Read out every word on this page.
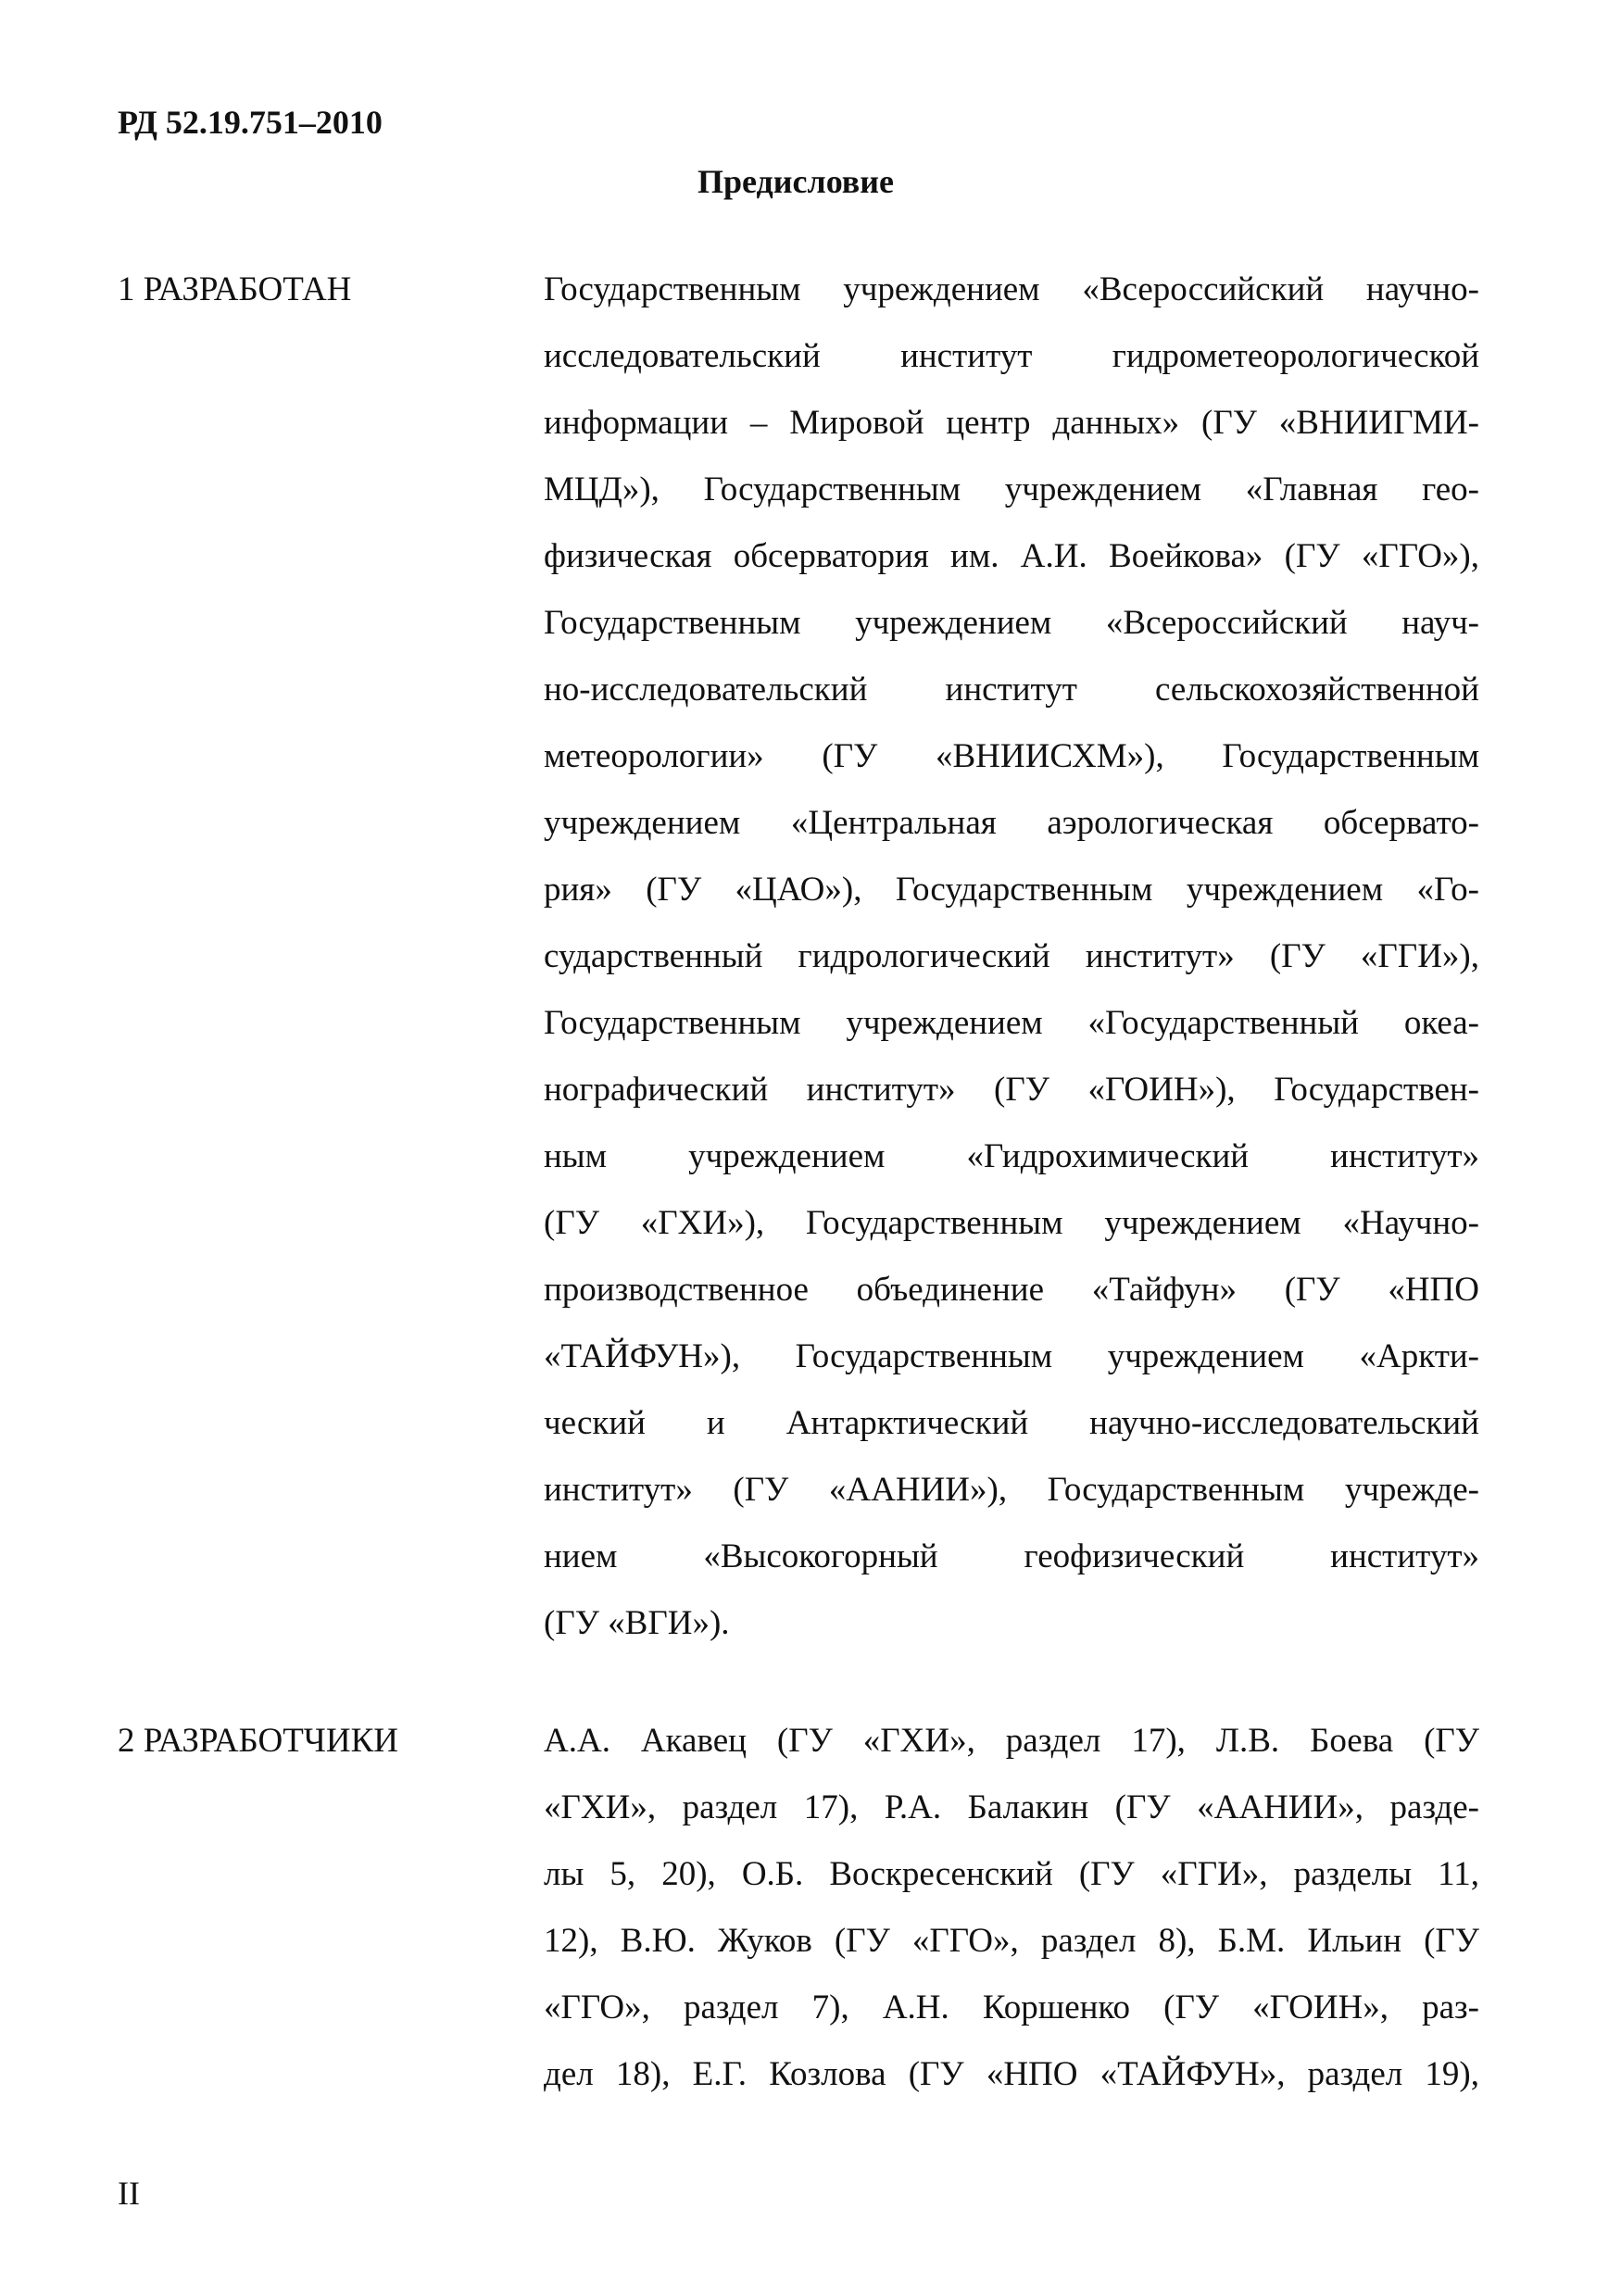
РД 52.19.751–2010
Предисловие
1 РАЗРАБОТАН	Государственным учреждением «Всероссийский научно-
исследовательский институт гидрометеорологической
информации – Мировой центр данных» (ГУ «ВНИИГМИ-
МЦД»), Государственным учреждением «Главная гео-
физическая обсерватория им. А.И. Воейкова» (ГУ «ГГО»),
Государственным учреждением «Всероссийский науч-
но-исследовательский институт сельскохозяйственной
метеорологии» (ГУ «ВНИИСХМ»), Государственным
учреждением «Центральная аэрологическая обсервато-
рия» (ГУ «ЦАО»), Государственным учреждением «Го-
сударственный гидрологический институт» (ГУ «ГГИ»),
Государственным учреждением «Государственный океа-
нографический институт» (ГУ «ГОИН»), Государствен-
ным учреждением «Гидрохимический институт»
(ГУ «ГХИ»), Государственным учреждением «Научно-
производственное объединение «Тайфун» (ГУ «НПО
«ТАЙФУН»), Государственным учреждением «Аркти-
ческий и Антарктический научно-исследовательский
институт» (ГУ «ААНИИ»), Государственным учрежде-
нием «Высокогорный геофизический институт»
(ГУ «ВГИ»).
2 РАЗРАБОТЧИКИ	А.А. Акавец (ГУ «ГХИ», раздел 17), Л.В. Боева (ГУ
«ГХИ», раздел 17), Р.А. Балакин (ГУ «ААНИИ», разде-
лы 5, 20), О.Б. Воскресенский (ГУ «ГГИ», разделы 11,
12), В.Ю. Жуков (ГУ «ГГО», раздел 8), Б.М. Ильин (ГУ
«ГГО», раздел 7), А.Н. Коршенко (ГУ «ГОИН», раз-
дел 18), Е.Г. Козлова (ГУ «НПО «ТАЙФУН», раздел 19),
II
